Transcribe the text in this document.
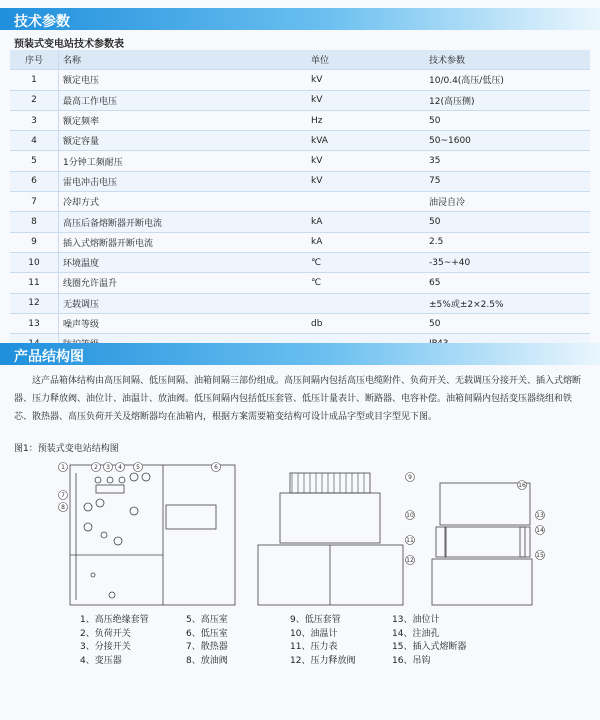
技术参数
预装式变电站技术参数表
序号	名称	单位	技术参数
1	额定电压	kV	10/0.4(高压/低压)
2	最高工作电压	kV	12(高压侧)
3	额定频率	Hz	50
4	额定容量	kVA	50~1600
5	1分钟工频耐压	kV	35
6	雷电冲击电压	kV	75
7	冷却方式		油浸自冷
8	高压后备熔断器开断电流	kA	50
9	插入式熔断器开断电流	kA	2.5
10	环境温度	℃	-35~+40
11	线圈允许温升	℃	65
12	无载调压		±5%或±2×2.5%
13	噪声等级	db	50

产品结构图
这产品箱体结构由高压间隔、低压间隔、油箱间隔三部份组成。高压间隔内包括高压电缆附件、负荷开关、无载调压分接开关、插入式熔断器、压力释放阀、油位计、油温计、放油阀。低压间隔内包括低压套管、低压计量表计、断路器、电容补偿。油箱间隔内包括变压器绕组和铁芯、散热器、高压负荷开关及熔断器均在油箱内，根据方案需要箱变结构可设计成品字型或目字型见下图。
图1：预装式变电站结构图
1	2 3 4 5	6
7
8
9
10
11
12
13
14
15
16
1、高压绝缘套管
2、负荷开关
3、分接开关
4、变压器
5、高压室
6、低压室
7、散热器
8、放油阀
9、低压套管
10、油温计
11、压力表
12、压力释放阀
13、油位计
14、注油孔
15、插入式熔断器
16、吊钩
